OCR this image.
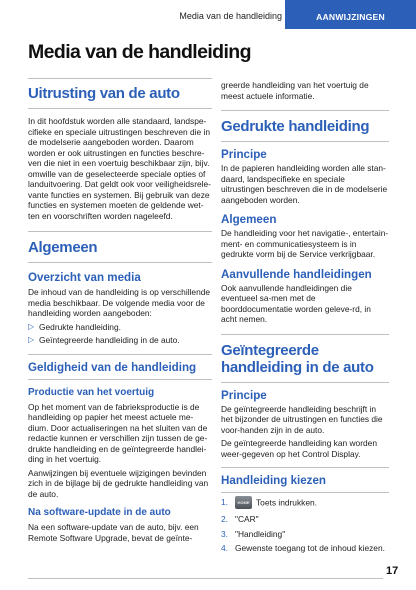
Media van de handleiding	AANWIJZINGEN
Media van de handleiding
Uitrusting van de auto

In dit hoofdstuk worden alle standaard, landspe-cifieke en speciale uitrustingen beschreven die in de modelserie aangeboden worden. Daarom worden er ook uitrustingen en functies beschre-ven die niet in een voertuig beschikbaar zijn, bijv. omwille van de geselecteerde speciale opties of landuitvoering. Dat geldt ook voor veiligheidsrele-vante functies en systemen. Bij gebruik van deze functies en systemen moeten de geldende wet-ten en voorschriften worden nageleefd.

Algemeen
Overzicht van media

De inhoud van de handleiding is op verschillende media beschikbaar. De volgende media voor de handleiding worden aangeboden:

▷ Gedrukte handleiding.
▷ Geïntegreerde handleiding in de auto.
Geldigheid van de handleiding
Productie van het voertuig

Op het moment van de fabrieksproductie is de handleiding op papier het meest actuele me-dium. Door actualiseringen na het sluiten van de redactie kunnen er verschillen zijn tussen de ge-drukte handleiding en de geïntegreerde handlei-ding in het voertuig.

Aanwijzingen bij eventuele wijzigingen bevinden zich in de bijlage bij de gedrukte handleiding van de auto.

Na software-update in de auto

Na een software-update van de auto, bijv. een Remote Software Upgrade, bevat de geïnte-

greerde handleiding van het voertuig de meest actuele informatie.

Gedrukte handleiding
Principe

In de papieren handleiding worden alle stan-daard, landspecifieke en speciale uitrustingen beschreven die in de modelserie aangeboden worden.

Algemeen

De handleiding voor het navigatie-, entertain-ment- en communicatiesysteem is in gedrukte vorm bij de Service verkrijgbaar.

Aanvullende handleidingen

Ook aanvullende handleidingen die eventueel sa-men met de boorddocumentatie worden geleve-rd, in acht nemen.

Geïntegreerde handleiding in de auto
Principe

De geïntegreerde handleiding beschrijft in het bijzonder de uitrustingen en functies die voor-handen zijn in de auto.

De geïntegreerde handleiding kan worden weer-gegeven op het Control Display.

Handleiding kiezen
1. HOME Toets indrukken.
2. "CAR"
3. "Handleiding"
4. Gewenste toegang tot de inhoud kiezen.
17
